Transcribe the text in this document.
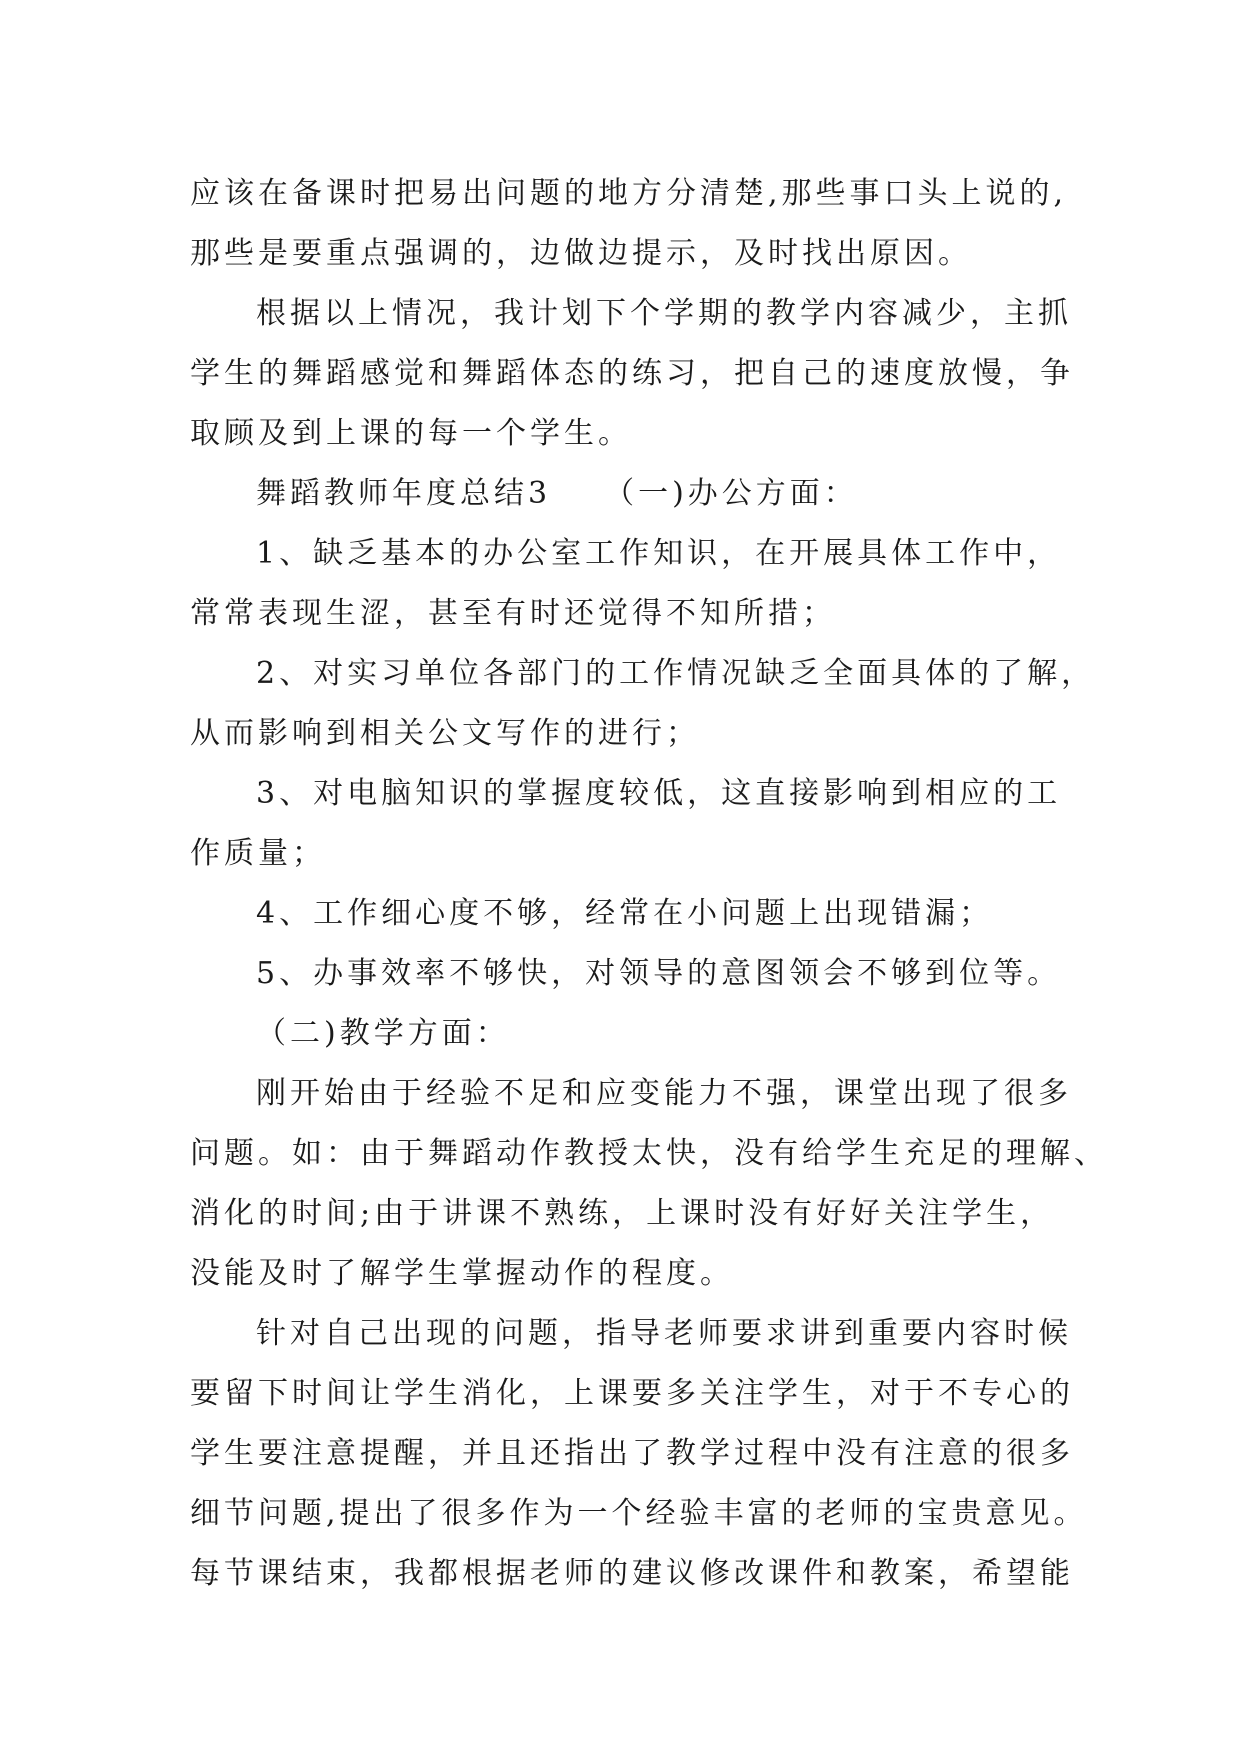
应该在备课时把易出问题的地方分清楚,那些事口头上说的,
那些是要重点强调的，边做边提示，及时找出原因。
根据以上情况，我计划下个学期的教学内容减少，主抓
学生的舞蹈感觉和舞蹈体态的练习，把自己的速度放慢，争
取顾及到上课的每一个学生。
舞蹈教师年度总结3　　（一)办公方面：
1、缺乏基本的办公室工作知识，在开展具体工作中，
常常表现生涩，甚至有时还觉得不知所措；
2、对实习单位各部门的工作情况缺乏全面具体的了解，
从而影响到相关公文写作的进行；
3、对电脑知识的掌握度较低，这直接影响到相应的工
作质量；
4、工作细心度不够，经常在小问题上出现错漏；
5、办事效率不够快，对领导的意图领会不够到位等。
（二)教学方面：
刚开始由于经验不足和应变能力不强，课堂出现了很多
问题。如：由于舞蹈动作教授太快，没有给学生充足的理解、
消化的时间;由于讲课不熟练，上课时没有好好关注学生，
没能及时了解学生掌握动作的程度。
针对自己出现的问题，指导老师要求讲到重要内容时候
要留下时间让学生消化，上课要多关注学生，对于不专心的
学生要注意提醒，并且还指出了教学过程中没有注意的很多
细节问题,提出了很多作为一个经验丰富的老师的宝贵意见。
每节课结束，我都根据老师的建议修改课件和教案，希望能
